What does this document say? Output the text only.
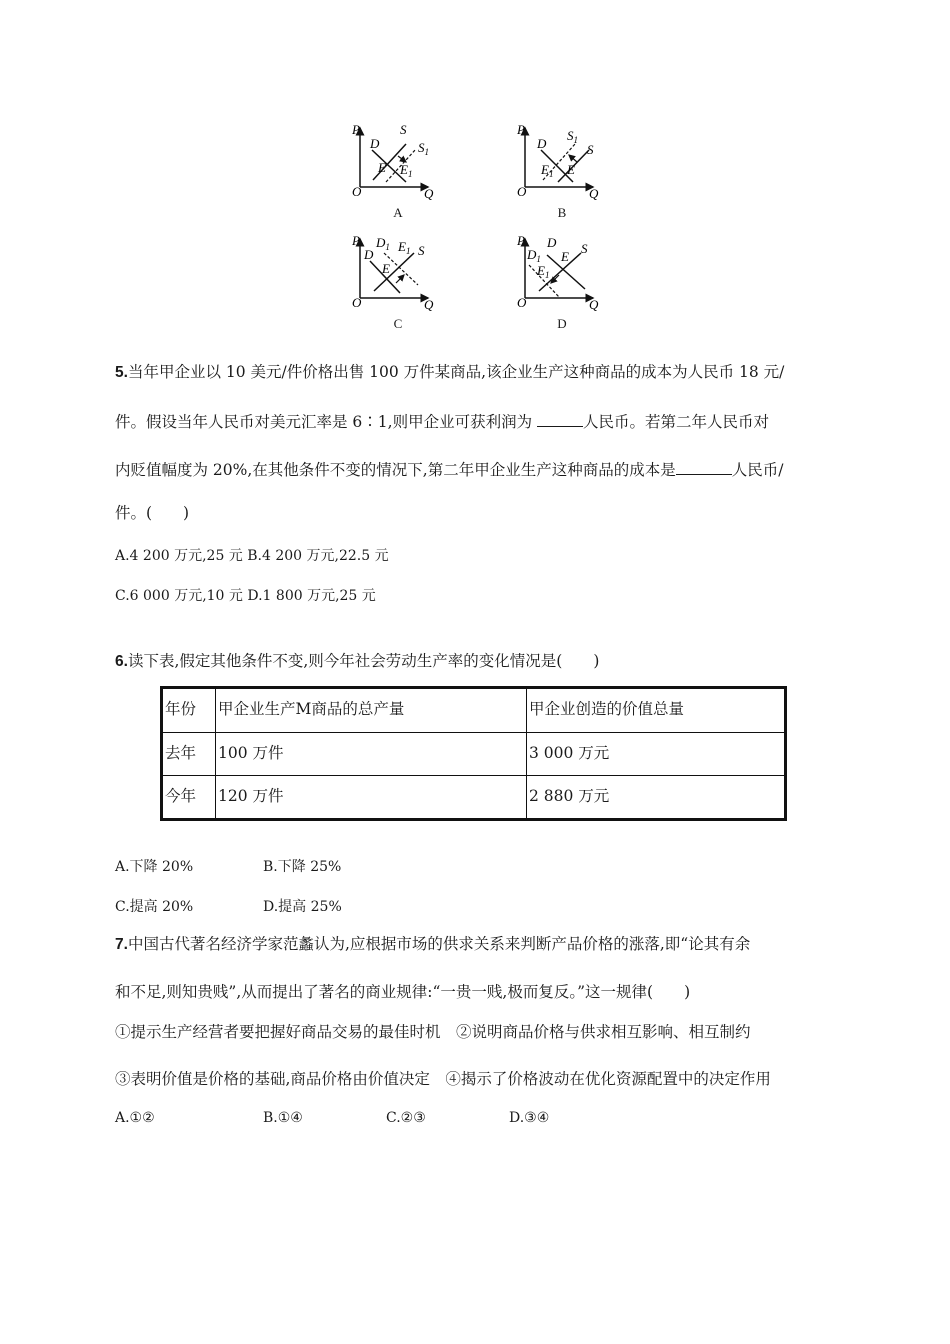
P
O	Q
D
S
$S_1$
E $E_1$
A
P
O	Q
D	S
$S_1$
E
$E_1$
B
P
O	Q
D
$D_1$ S
E
$E_1$
C
P
O	Q
D
$D_1$
S
E
$E_1$
D
5.当年甲企业以 10 美元/件价格出售 100 万件某商品,该企业生产这种商品的成本为人民币 18 元/
件。假设当年人民币对美元汇率是 6∶1,则甲企业可获利润为	人民币。若第二年人民币对
内贬值幅度为 20%,在其他条件不变的情况下,第二年甲企业生产这种商品的成本是	人民币/
件。(　　)
A.4 200 万元,25 元 B.4 200 万元,22.5 元
C.6 000 万元,10 元 D.1 800 万元,25 元
6.读下表,假定其他条件不变,则今年社会劳动生产率的变化情况是(　　)
年份	甲企业生产M商品的总产量	甲企业创造的价值总量
去年	100 万件	3 000 万元
今年	120 万件	2 880 万元
A.下降 20%	B.下降 25%
C.提高 20%	D.提高 25%
7.中国古代著名经济学家范蠡认为,应根据市场的供求关系来判断产品价格的涨落,即“论其有余
和不足,则知贵贱”,从而提出了著名的商业规律:“一贵一贱,极而复反。”这一规律(　　)
①提示生产经营者要把握好商品交易的最佳时机　②说明商品价格与供求相互影响、相互制约
③表明价值是价格的基础,商品价格由价值决定　④揭示了价格波动在优化资源配置中的决定作用
A.①②	B.①④	C.②③	D.③④
